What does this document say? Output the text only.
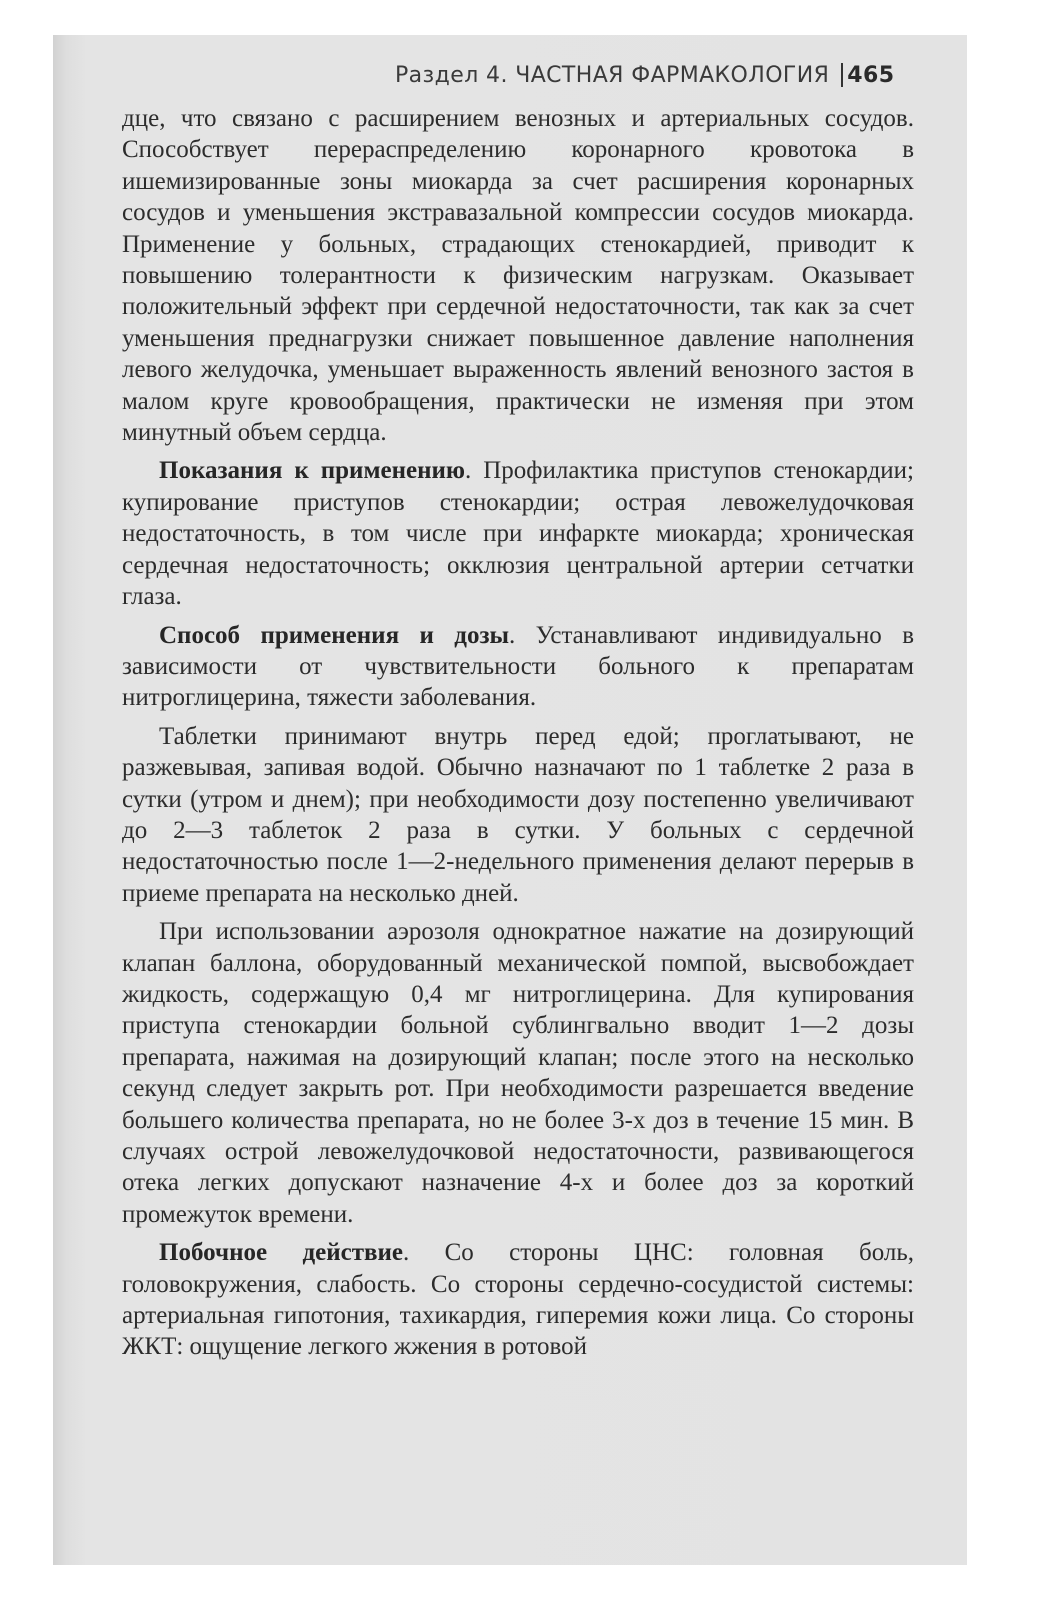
Раздел 4. ЧАСТНАЯ ФАРМАКОЛОГИЯ 465

дце, что связано с расширением венозных и артериальных сосудов. Способствует перераспределению коронарного кровотока в ишемизированные зоны миокарда за счет расширения коронарных сосудов и уменьшения экстравазальной компрессии сосудов миокарда. Применение у больных, страдающих стенокардией, приводит к повышению толерантности к физическим нагрузкам. Оказывает положительный эффект при сердечной недостаточности, так как за счет уменьшения преднагрузки снижает повышенное давление наполнения левого желудочка, уменьшает выраженность явлений венозного застоя в малом круге кровообращения, практически не изменяя при этом минутный объем сердца.

Показания к применению. Профилактика приступов стенокардии; купирование приступов стенокардии; острая левожелудочковая недостаточность, в том числе при инфаркте миокарда; хроническая сердечная недостаточность; окклюзия центральной артерии сетчатки глаза.

Способ применения и дозы. Устанавливают индивидуально в зависимости от чувствительности больного к препаратам нитроглицерина, тяжести заболевания.

Таблетки принимают внутрь перед едой; проглатывают, не разжевывая, запивая водой. Обычно назначают по 1 таблетке 2 раза в сутки (утром и днем); при необходимости дозу постепенно увеличивают до 2—3 таблеток 2 раза в сутки. У больных с сердечной недостаточностью после 1—2-недельного применения делают перерыв в приеме препарата на несколько дней.

При использовании аэрозоля однократное нажатие на дозирующий клапан баллона, оборудованный механической помпой, высвобождает жидкость, содержащую 0,4 мг нитроглицерина. Для купирования приступа стенокардии больной сублингвально вводит 1—2 дозы препарата, нажимая на дозирующий клапан; после этого на несколько секунд следует закрыть рот. При необходимости разрешается введение большего количества препарата, но не более 3-х доз в течение 15 мин. В случаях острой левожелудочковой недостаточности, развивающегося отека легких допускают назначение 4-х и более доз за короткий промежуток времени.

Побочное действие. Со стороны ЦНС: головная боль, головокружения, слабость. Со стороны сердечно-сосудистой системы: артериальная гипотония, тахикардия, гиперемия кожи лица. Со стороны ЖКТ: ощущение легкого жжения в ротовой
